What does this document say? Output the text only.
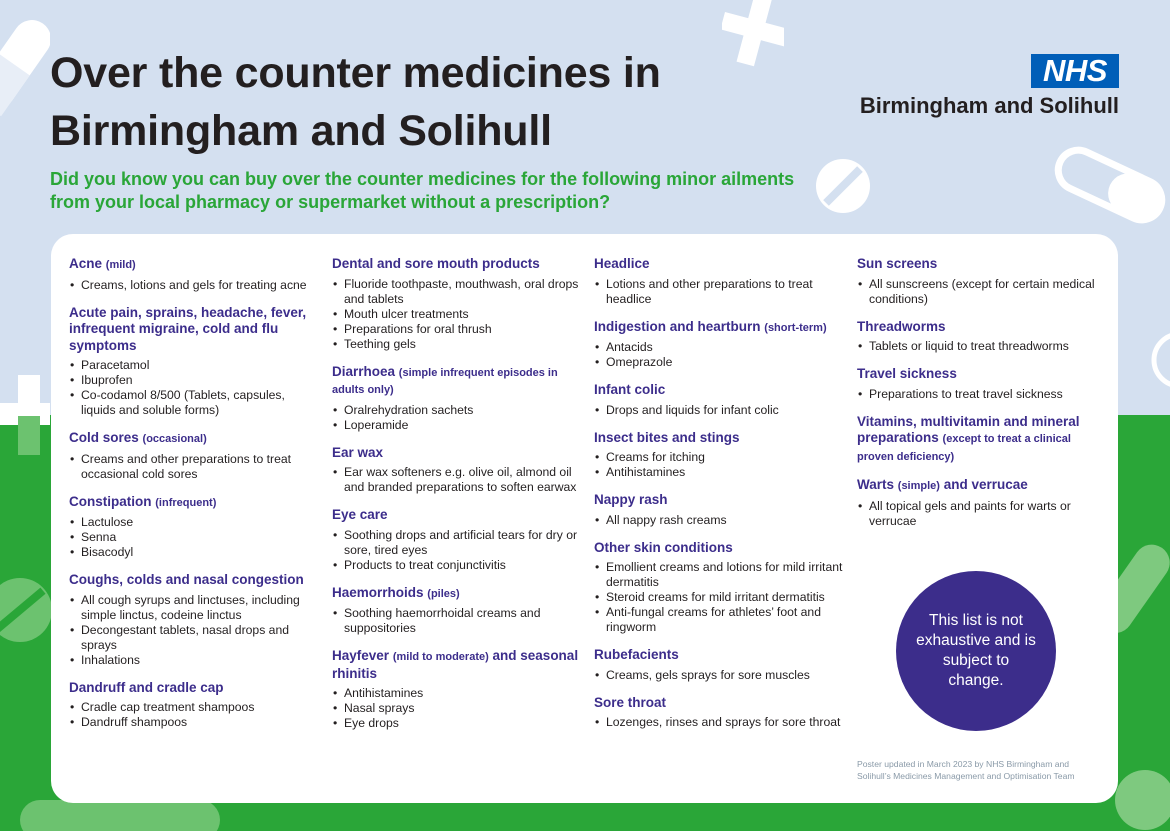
Over the counter medicines in
Birmingham and Solihull

Did you know you can buy over the counter medicines for the following minor ailments from your local pharmacy or supermarket without a prescription?

NHS
Birmingham and Solihull
Acne (mild)
• Creams, lotions and gels for treating acne
Acute pain, sprains, headache, fever, infrequent migraine, cold and flu symptoms
• Paracetamol
• Ibuprofen
• Co-codamol 8/500 (Tablets, capsules, liquids and soluble forms)
Cold sores (occasional)
• Creams and other preparations to treat occasional cold sores
Constipation (infrequent)
• Lactulose
• Senna
• Bisacodyl
Coughs, colds and nasal congestion
• All cough syrups and linctuses, including simple linctus, codeine linctus
• Decongestant tablets, nasal drops and sprays
• Inhalations
Dandruff and cradle cap
• Cradle cap treatment shampoos
• Dandruff shampoos
Dental and sore mouth products
• Fluoride toothpaste, mouthwash, oral drops and tablets
• Mouth ulcer treatments
• Preparations for oral thrush
• Teething gels
Diarrhoea (simple infrequent episodes in adults only)
• Oralrehydration sachets
• Loperamide
Ear wax
• Ear wax softeners e.g. olive oil, almond oil and branded preparations to soften earwax
Eye care
• Soothing drops and artificial tears for dry or sore, tired eyes
• Products to treat conjunctivitis
Haemorrhoids (piles)
• Soothing haemorrhoidal creams and suppositories
Hayfever (mild to moderate) and seasonal rhinitis
• Antihistamines
• Nasal sprays
• Eye drops
Headlice
• Lotions and other preparations to treat headlice
Indigestion and heartburn (short-term)
• Antacids
• Omeprazole
Infant colic
• Drops and liquids for infant colic
Insect bites and stings
• Creams for itching
• Antihistamines
Nappy rash
• All nappy rash creams
Other skin conditions
• Emollient creams and lotions for mild irritant dermatitis
• Steroid creams for mild irritant dermatitis
• Anti-fungal creams for athletes’ foot and ringworm
Rubefacients
• Creams, gels sprays for sore muscles
Sore throat
• Lozenges, rinses and sprays for sore throat
Sun screens
• All sunscreens (except for certain medical conditions)
Threadworms
• Tablets or liquid to treat threadworms
Travel sickness
• Preparations to treat travel sickness
Vitamins, multivitamin and mineral preparations (except to treat a clinical proven deficiency)
Warts (simple) and verrucae
• All topical gels and paints for warts or verrucae
This list is not exhaustive and is subject to change.
Poster updated in March 2023 by NHS Birmingham and Solihull’s Medicines Management and Optimisation Team
